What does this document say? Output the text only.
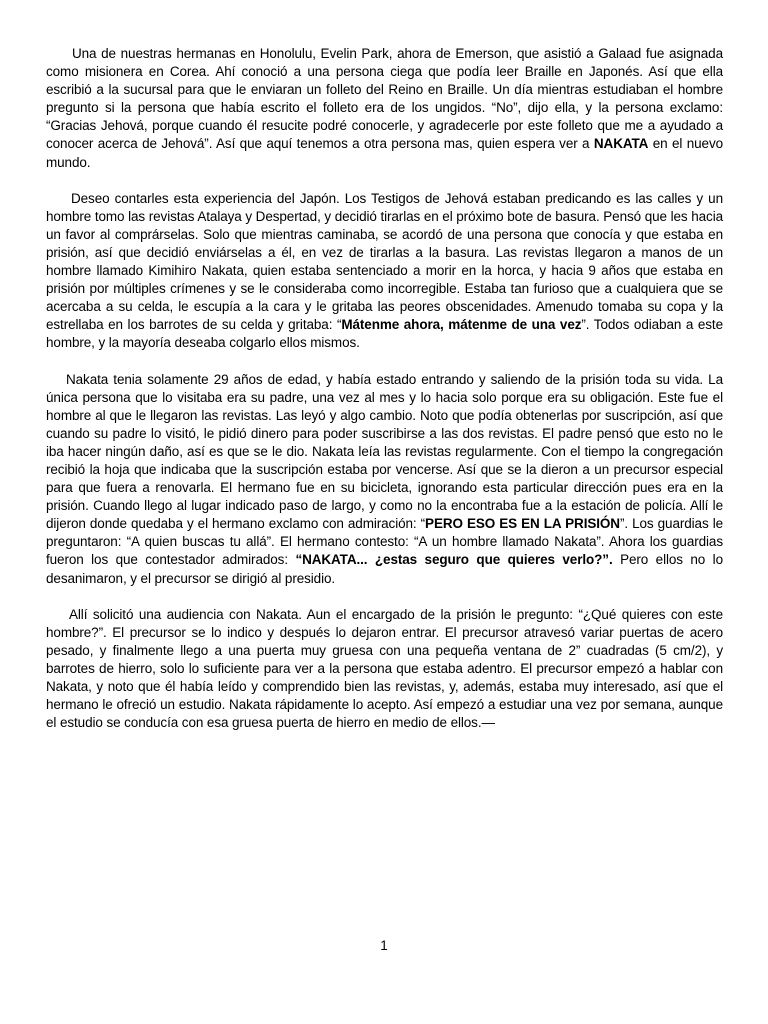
Una de nuestras hermanas en Honolulu, Evelin Park, ahora de Emerson, que asistió a Galaad fue asignada como misionera en Corea. Ahí conoció a una persona ciega que podía leer Braille en Japonés. Así que ella escribió a la sucursal para que le enviaran un folleto del Reino en Braille. Un día mientras estudiaban el hombre pregunto si la persona que había escrito el folleto era de los ungidos. “No”, dijo ella, y la persona exclamo: “Gracias Jehová, porque cuando él resucite podré conocerle, y agradecerle por este folleto que me a ayudado a conocer acerca de Jehová”. Así que aquí tenemos a otra persona mas, quien espera ver a NAKATA en el nuevo mundo.

Deseo contarles esta experiencia del Japón. Los Testigos de Jehová estaban predicando es las calles y un hombre tomo las revistas Atalaya y Despertad, y decidió tirarlas en el próximo bote de basura. Pensó que les hacia un favor al comprárselas. Solo que mientras caminaba, se acordó de una persona que conocía y que estaba en prisión, así que decidió enviárselas a él, en vez de tirarlas a la basura. Las revistas llegaron a manos de un hombre llamado Kimihiro Nakata, quien estaba sentenciado a morir en la horca, y hacia 9 años que estaba en prisión por múltiples crímenes y se le consideraba como incorregible. Estaba tan furioso que a cualquiera que se acercaba a su celda, le escupía a la cara y le gritaba las peores obscenidades. Amenudo tomaba su copa y la estrellaba en los barrotes de su celda y gritaba: “Mátenme ahora, mátenme de una vez”. Todos odiaban a este hombre, y la mayoría deseaba colgarlo ellos mismos.

Nakata tenia solamente 29 años de edad, y había estado entrando y saliendo de la prisión toda su vida. La única persona que lo visitaba era su padre, una vez al mes y lo hacia solo porque era su obligación. Este fue el hombre al que le llegaron las revistas. Las leyó y algo cambio. Noto que podía obtenerlas por suscripción, así que cuando su padre lo visitó, le pidió dinero para poder suscribirse a las dos revistas. El padre pensó que esto no le iba hacer ningún daño, así es que se le dio. Nakata leía las revistas regularmente. Con el tiempo la congregación recibió la hoja que indicaba que la suscripción estaba por vencerse. Así que se la dieron a un precursor especial para que fuera a renovarla. El hermano fue en su bicicleta, ignorando esta particular dirección pues era en la prisión. Cuando llego al lugar indicado paso de largo, y como no la encontraba fue a la estación de policía. Allí le dijeron donde quedaba y el hermano exclamo con admiración: “PERO ESO ES EN LA PRISIÓN”. Los guardias le preguntaron: “A quien buscas tu allá”. El hermano contesto: “A un hombre llamado Nakata”. Ahora los guardias fueron los que contestador admirados: “NAKATA... ¿estas seguro que quieres verlo?”. Pero ellos no lo desanimaron, y el precursor se dirigió al presidio.

Allí solicitó una audiencia con Nakata. Aun el encargado de la prisión le pregunto: “¿Qué quieres con este hombre?”. El precursor se lo indico y después lo dejaron entrar. El precursor atravesó variar puertas de acero pesado, y finalmente llego a una puerta muy gruesa con una pequeña ventana de 2” cuadradas (5 cm/2), y barrotes de hierro, solo lo suficiente para ver a la persona que estaba adentro. El precursor empezó a hablar con Nakata, y noto que él había leído y comprendido bien las revistas, y, además, estaba muy interesado, así que el hermano le ofreció un estudio. Nakata rápidamente lo acepto. Así empezó a estudiar una vez por semana, aunque el estudio se conducía con esa gruesa puerta de hierro en medio de ellos.—

1
